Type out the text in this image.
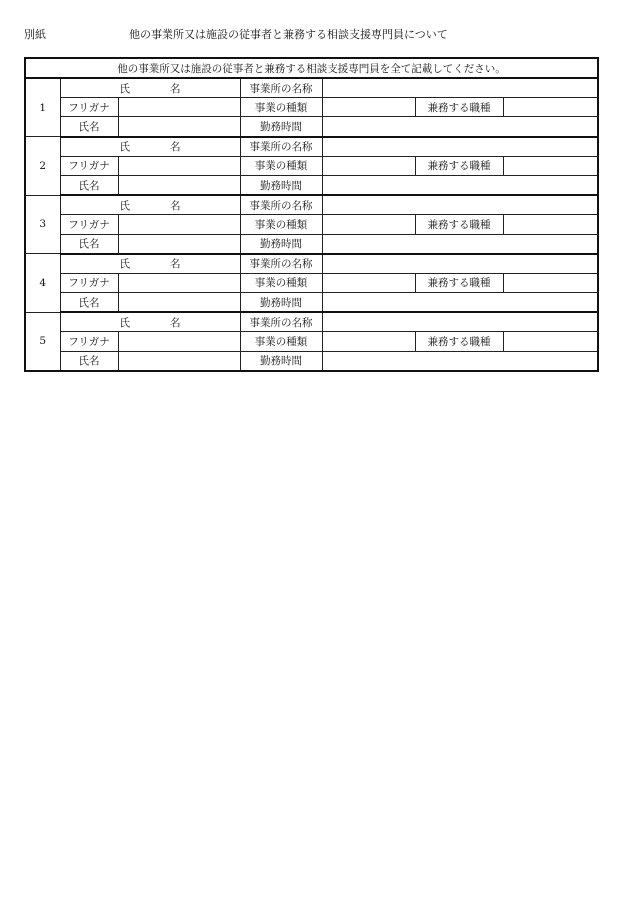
別紙	他の事業所又は施設の従事者と兼務する相談支援専門員について
他の事業所又は施設の従事者と兼務する相談支援専門員を全て記載してください。						
1	氏 名		事業所の名称			
	フリガナ		事業の種類		兼務する職種	
	氏名		勤務時間			
2	氏 名		事業所の名称			
	フリガナ		事業の種類		兼務する職種	
	氏名		勤務時間			
3	氏 名		事業所の名称			
	フリガナ		事業の種類		兼務する職種	
	氏名		勤務時間			
4	氏 名		事業所の名称			
	フリガナ		事業の種類		兼務する職種	
	氏名		勤務時間			
5	氏 名		事業所の名称			
	フリガナ		事業の種類		兼務する職種	
	氏名		勤務時間			
